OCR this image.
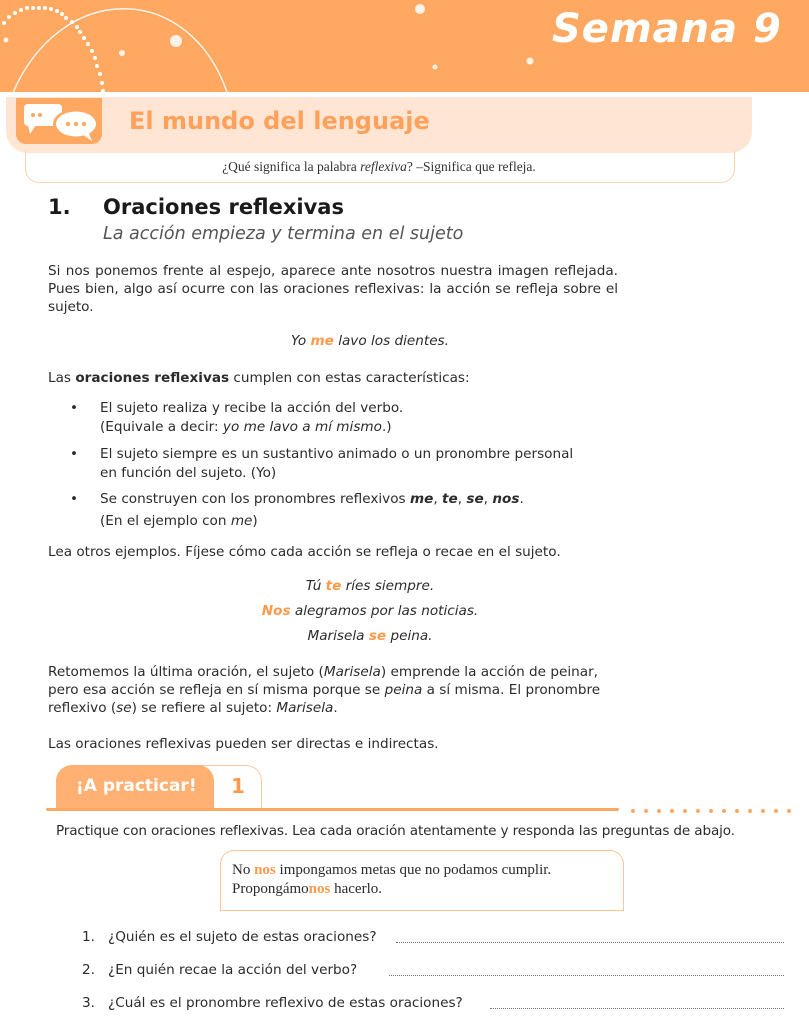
Semana 9
El mundo del lenguaje
¿Qué significa la palabra reflexiva? –Significa que refleja.
1. Oraciones reflexivas
La acción empieza y termina en el sujeto
Si nos ponemos frente al espejo, aparece ante nosotros nuestra imagen reflejada. Pues bien, algo así ocurre con las oraciones reflexivas: la acción se refleja sobre el sujeto.
Yo me lavo los dientes.
Las oraciones reflexivas cumplen con estas características:
• El sujeto realiza y recibe la acción del verbo.
(Equivale a decir: yo me lavo a mí mismo.)
• El sujeto siempre es un sustantivo animado o un pronombre personal
en función del sujeto. (Yo)
• Se construyen con los pronombres reflexivos me, te, se, nos.
(En el ejemplo con me)
Lea otros ejemplos. Fíjese cómo cada acción se refleja o recae en el sujeto.
Tú te ríes siempre.
Nos alegramos por las noticias.
Marisela se peina.
Retomemos la última oración, el sujeto (Marisela) emprende la acción de peinar, pero esa acción se refleja en sí misma porque se peina a sí misma. El pronombre reflexivo (se) se refiere al sujeto: Marisela.
Las oraciones reflexivas pueden ser directas e indirectas.
¡A practicar! 1
Practique con oraciones reflexivas. Lea cada oración atentamente y responda las preguntas de abajo.
No nos impongamos metas que no podamos cumplir.
Propongámonos hacerlo.
1. ¿Quién es el sujeto de estas oraciones?
2. ¿En quién recae la acción del verbo?
3. ¿Cuál es el pronombre reflexivo de estas oraciones?
